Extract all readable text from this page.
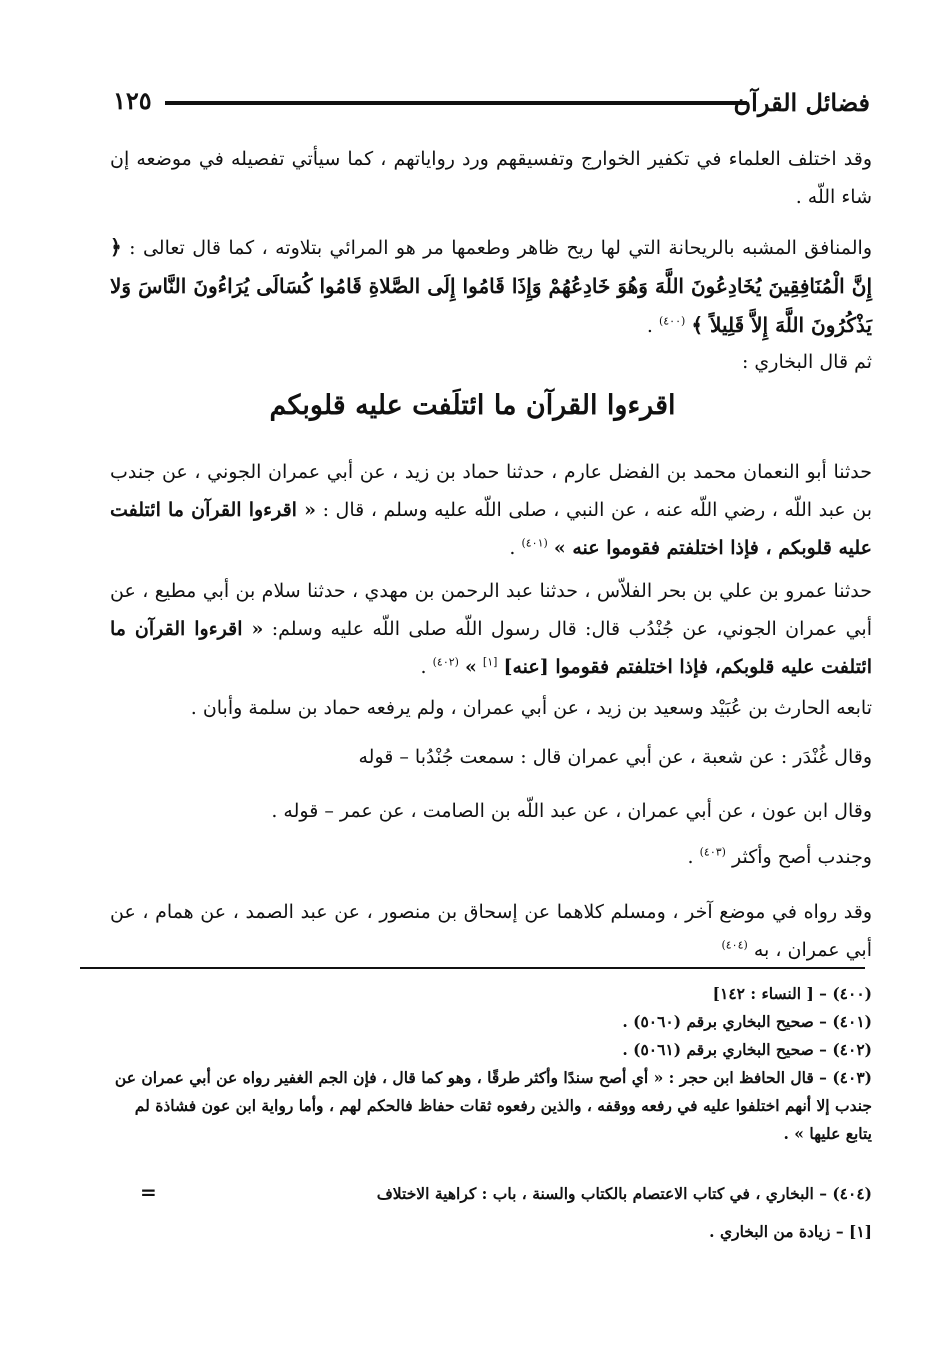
فضائل القرآن
١٢٥

وقد اختلف العلماء في تكفير الخوارج وتفسيقهم ورد رواياتهم ، كما سيأتي تفصيله في موضعه إن شاء اللّه .

والمنافق المشبه بالريحانة التي لها ريح ظاهر وطعمها مر هو المرائي بتلاوته ، كما قال تعالى : ﴿ إِنَّ الْمُنَافِقِينَ يُخَادِعُونَ اللَّهَ وَهُوَ خَادِعُهُمْ وَإِذَا قَامُوا إِلَى الصَّلاةِ قَامُوا كُسَالَى يُرَاءُونَ النَّاسَ وَلا يَذْكُرُونَ اللَّهَ إِلاَّ قَلِيلاً ﴾ $^{(٤٠٠)}$ .

ثم قال البخاري :

اقرءوا القرآن ما ائتلَفت عليه قلوبكم

حدثنا أبو النعمان محمد بن الفضل عارم ، حدثنا حماد بن زيد ، عن أبي عمران الجوني ، عن جندب بن عبد اللّه ، رضي اللّه عنه ، عن النبي ، صلى اللّه عليه وسلم ، قال : « اقرءوا القرآن ما ائتلفت عليه قلوبكم ، فإذا اختلفتم فقوموا عنه » $^{(٤٠١)}$ .

حدثنا عمرو بن علي بن بحر الفلاّس ، حدثنا عبد الرحمن بن مهدي ، حدثنا سلام بن أبي مطيع ، عن أبي عمران الجوني، عن جُنْدُب قال: قال رسول اللّه صلى اللّه عليه وسلم: « اقرءوا القرآن ما ائتلفت عليه قلوبكم، فإذا اختلفتم فقوموا [عنه] [١] » $^{(٤٠٢)}$ .

تابعه الحارث بن عُبَيْد وسعيد بن زيد ، عن أبي عمران ، ولم يرفعه حماد بن سلمة وأبان .

وقال غُنْدَر : عن شعبة ، عن أبي عمران قال : سمعت جُنْدُبا – قوله

وقال ابن عون ، عن أبي عمران ، عن عبد اللّه بن الصامت ، عن عمر – قوله .

وجندب أصح وأكثر $^{(٤٠٣)}$ .

وقد رواه في موضع آخر ، ومسلم كلاهما عن إسحاق بن منصور ، عن عبد الصمد ، عن همام ، عن أبي عمران ، به $^{(٤٠٤)}$

(٤٠٠) – [ النساء : ١٤٢]

(٤٠١) – صحيح البخاري برقم (٥٠٦٠) .

(٤٠٢) – صحيح البخاري برقم (٥٠٦١) .

(٤٠٣) – قال الحافظ ابن حجر : « أي أصح سندًا وأكثر طرقًا ، وهو كما قال ، فإن الجم الغفير رواه عن أبي عمران عن جندب إلا أنهم اختلفوا عليه في رفعه ووقفه ، والذين رفعوه ثقات حفاظ فالحكم لهم ، وأما رواية ابن عون فشاذة لم يتابع عليها » .

(٤٠٤) – البخاري ، في كتاب الاعتصام بالكتاب والسنة ، باب : كراهية الاختلاف

=

[١] – زيادة من البخاري .
